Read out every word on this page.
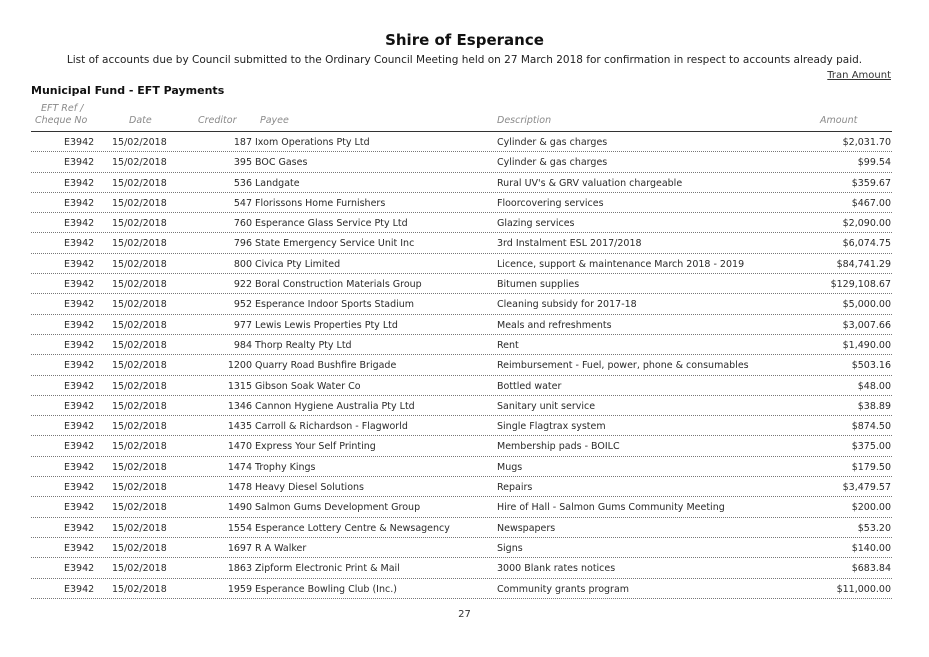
Shire of Esperance
List of accounts due by Council submitted to the Ordinary Council Meeting held on 27 March 2018 for confirmation in respect to accounts already paid.
Tran Amount
Municipal Fund - EFT Payments
EFT Ref /
Cheque No	Date	Creditor Payee	Description	Amount
E3942 15/02/2018	187 Ixom Operations Pty Ltd	Cylinder & gas charges	$2,031.70
E3942 15/02/2018	395 BOC Gases	Cylinder & gas charges	$99.54
E3942 15/02/2018	536 Landgate	Rural UV's & GRV valuation chargeable	$359.67
E3942 15/02/2018	547 Florissons Home Furnishers	Floorcovering services	$467.00
E3942 15/02/2018	760 Esperance Glass Service Pty Ltd	Glazing services	$2,090.00
E3942 15/02/2018	796 State Emergency Service Unit Inc	3rd Instalment ESL 2017/2018	$6,074.75
E3942 15/02/2018	800 Civica Pty Limited	Licence, support & maintenance March 2018 - 2019	$84,741.29
E3942 15/02/2018	922 Boral Construction Materials Group	Bitumen supplies	$129,108.67
E3942 15/02/2018	952 Esperance Indoor Sports Stadium	Cleaning subsidy for 2017-18	$5,000.00
E3942 15/02/2018	977 Lewis Lewis Properties Pty Ltd	Meals and refreshments	$3,007.66
E3942 15/02/2018	984 Thorp Realty Pty Ltd	Rent	$1,490.00
E3942 15/02/2018	1200 Quarry Road Bushfire Brigade	Reimbursement - Fuel, power, phone & consumables	$503.16
E3942 15/02/2018	1315 Gibson Soak Water Co	Bottled water	$48.00
E3942 15/02/2018	1346 Cannon Hygiene Australia Pty Ltd	Sanitary unit service	$38.89
E3942 15/02/2018	1435 Carroll & Richardson - Flagworld	Single Flagtrax system	$874.50
E3942 15/02/2018	1470 Express Your Self Printing	Membership pads - BOILC	$375.00
E3942 15/02/2018	1474 Trophy Kings	Mugs	$179.50
E3942 15/02/2018	1478 Heavy Diesel Solutions	Repairs	$3,479.57
E3942 15/02/2018	1490 Salmon Gums Development Group	Hire of Hall - Salmon Gums Community Meeting	$200.00
E3942 15/02/2018	1554 Esperance Lottery Centre & Newsagency	Newspapers	$53.20
E3942 15/02/2018	1697 R A Walker	Signs	$140.00
E3942 15/02/2018	1863 Zipform Electronic Print & Mail	3000 Blank rates notices	$683.84
E3942 15/02/2018	1959 Esperance Bowling Club (Inc.)	Community grants program	$11,000.00
27
